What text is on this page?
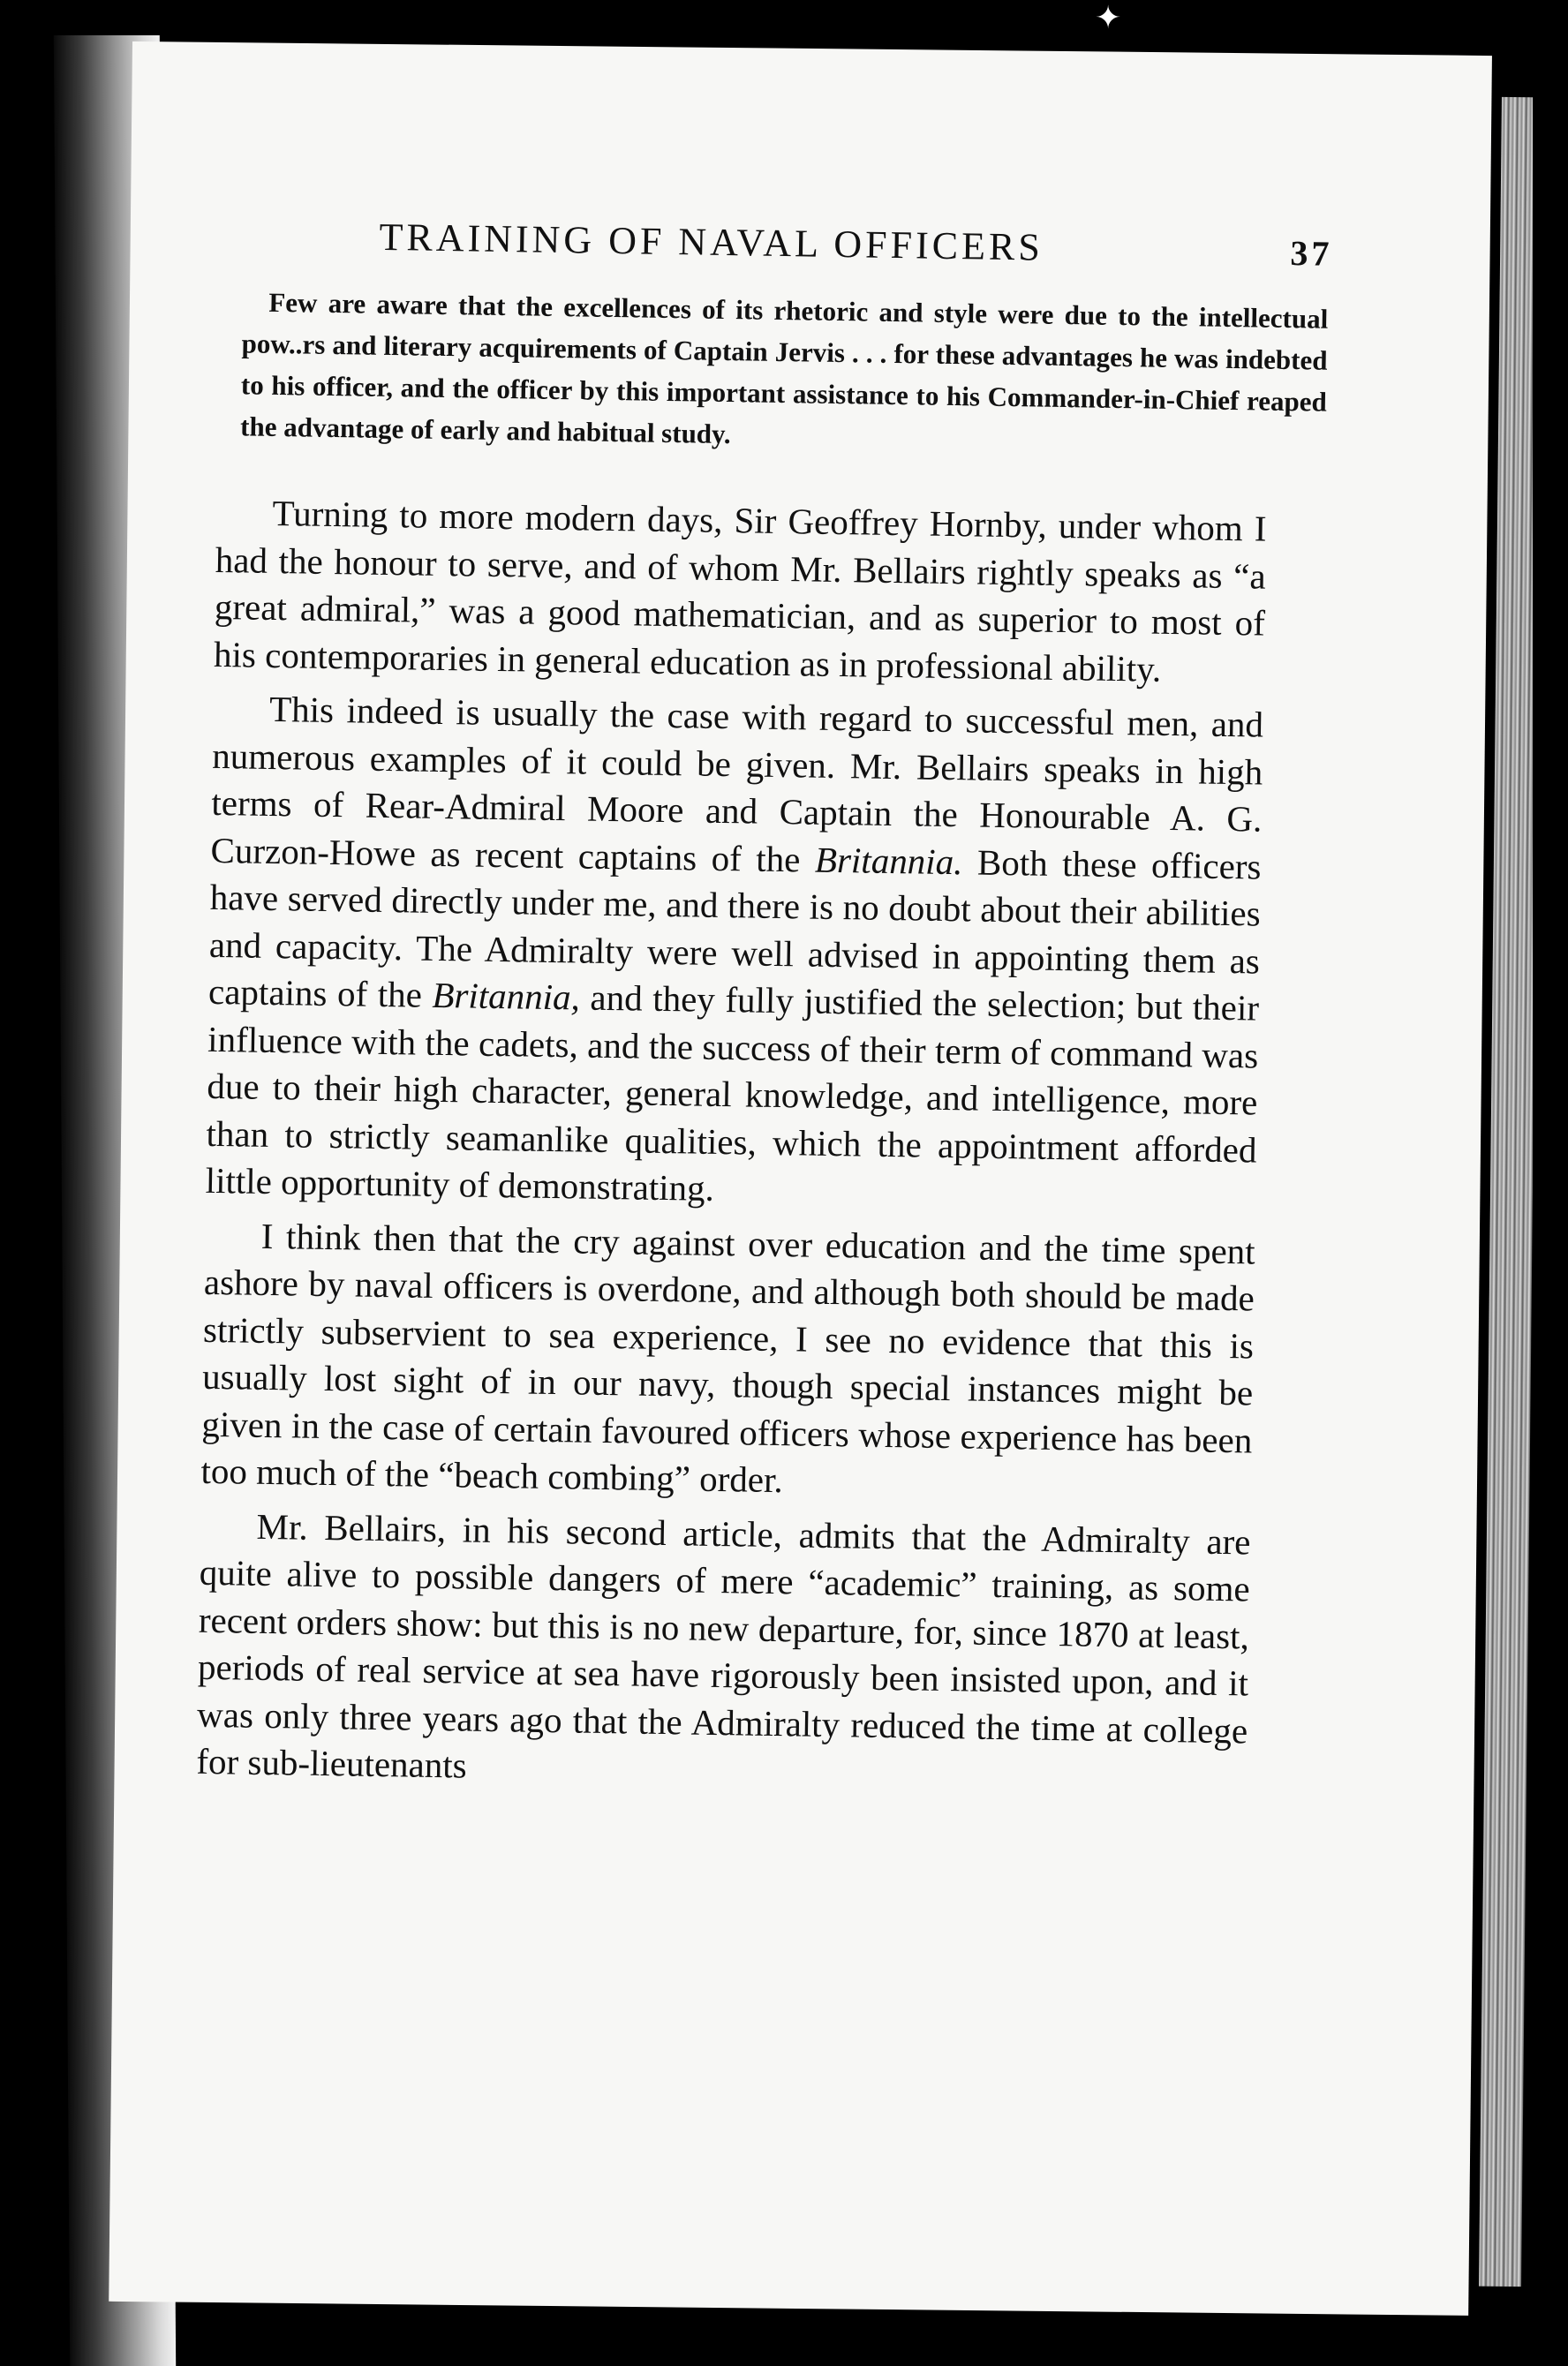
✦
TRAINING OF NAVAL OFFICERS	37
Few are aware that the excellences of its rhetoric and style were due to the intellectual pow..rs and literary acquirements of Captain Jervis . . . for these advantages he was indebted to his officer, and the officer by this important assistance to his Commander-in-Chief reaped the advantage of early and habitual study.

Turning to more modern days, Sir Geoffrey Hornby, under whom I had the honour to serve, and of whom Mr. Bellairs rightly speaks as “a great admiral,” was a good mathematician, and as superior to most of his contemporaries in general education as in professional ability.

This indeed is usually the case with regard to successful men, and numerous examples of it could be given. Mr. Bellairs speaks in high terms of Rear-Admiral Moore and Captain the Honourable A. G. Curzon-Howe as recent captains of the Britannia. Both these officers have served directly under me, and there is no doubt about their abilities and capacity. The Admiralty were well advised in appointing them as captains of the Britannia, and they fully justified the selection; but their influence with the cadets, and the success of their term of command was due to their high character, general knowledge, and intelligence, more than to strictly seamanlike qualities, which the appointment afforded little opportunity of demonstrating.

I think then that the cry against over education and the time spent ashore by naval officers is overdone, and although both should be made strictly subservient to sea experience, I see no evidence that this is usually lost sight of in our navy, though special instances might be given in the case of certain favoured officers whose experience has been too much of the “beach combing” order.

Mr. Bellairs, in his second article, admits that the Admiralty are quite alive to possible dangers of mere “academic” training, as some recent orders show: but this is no new departure, for, since 1870 at least, periods of real service at sea have rigorously been insisted upon, and it was only three years ago that the Admiralty reduced the time at college for sub-lieutenants
